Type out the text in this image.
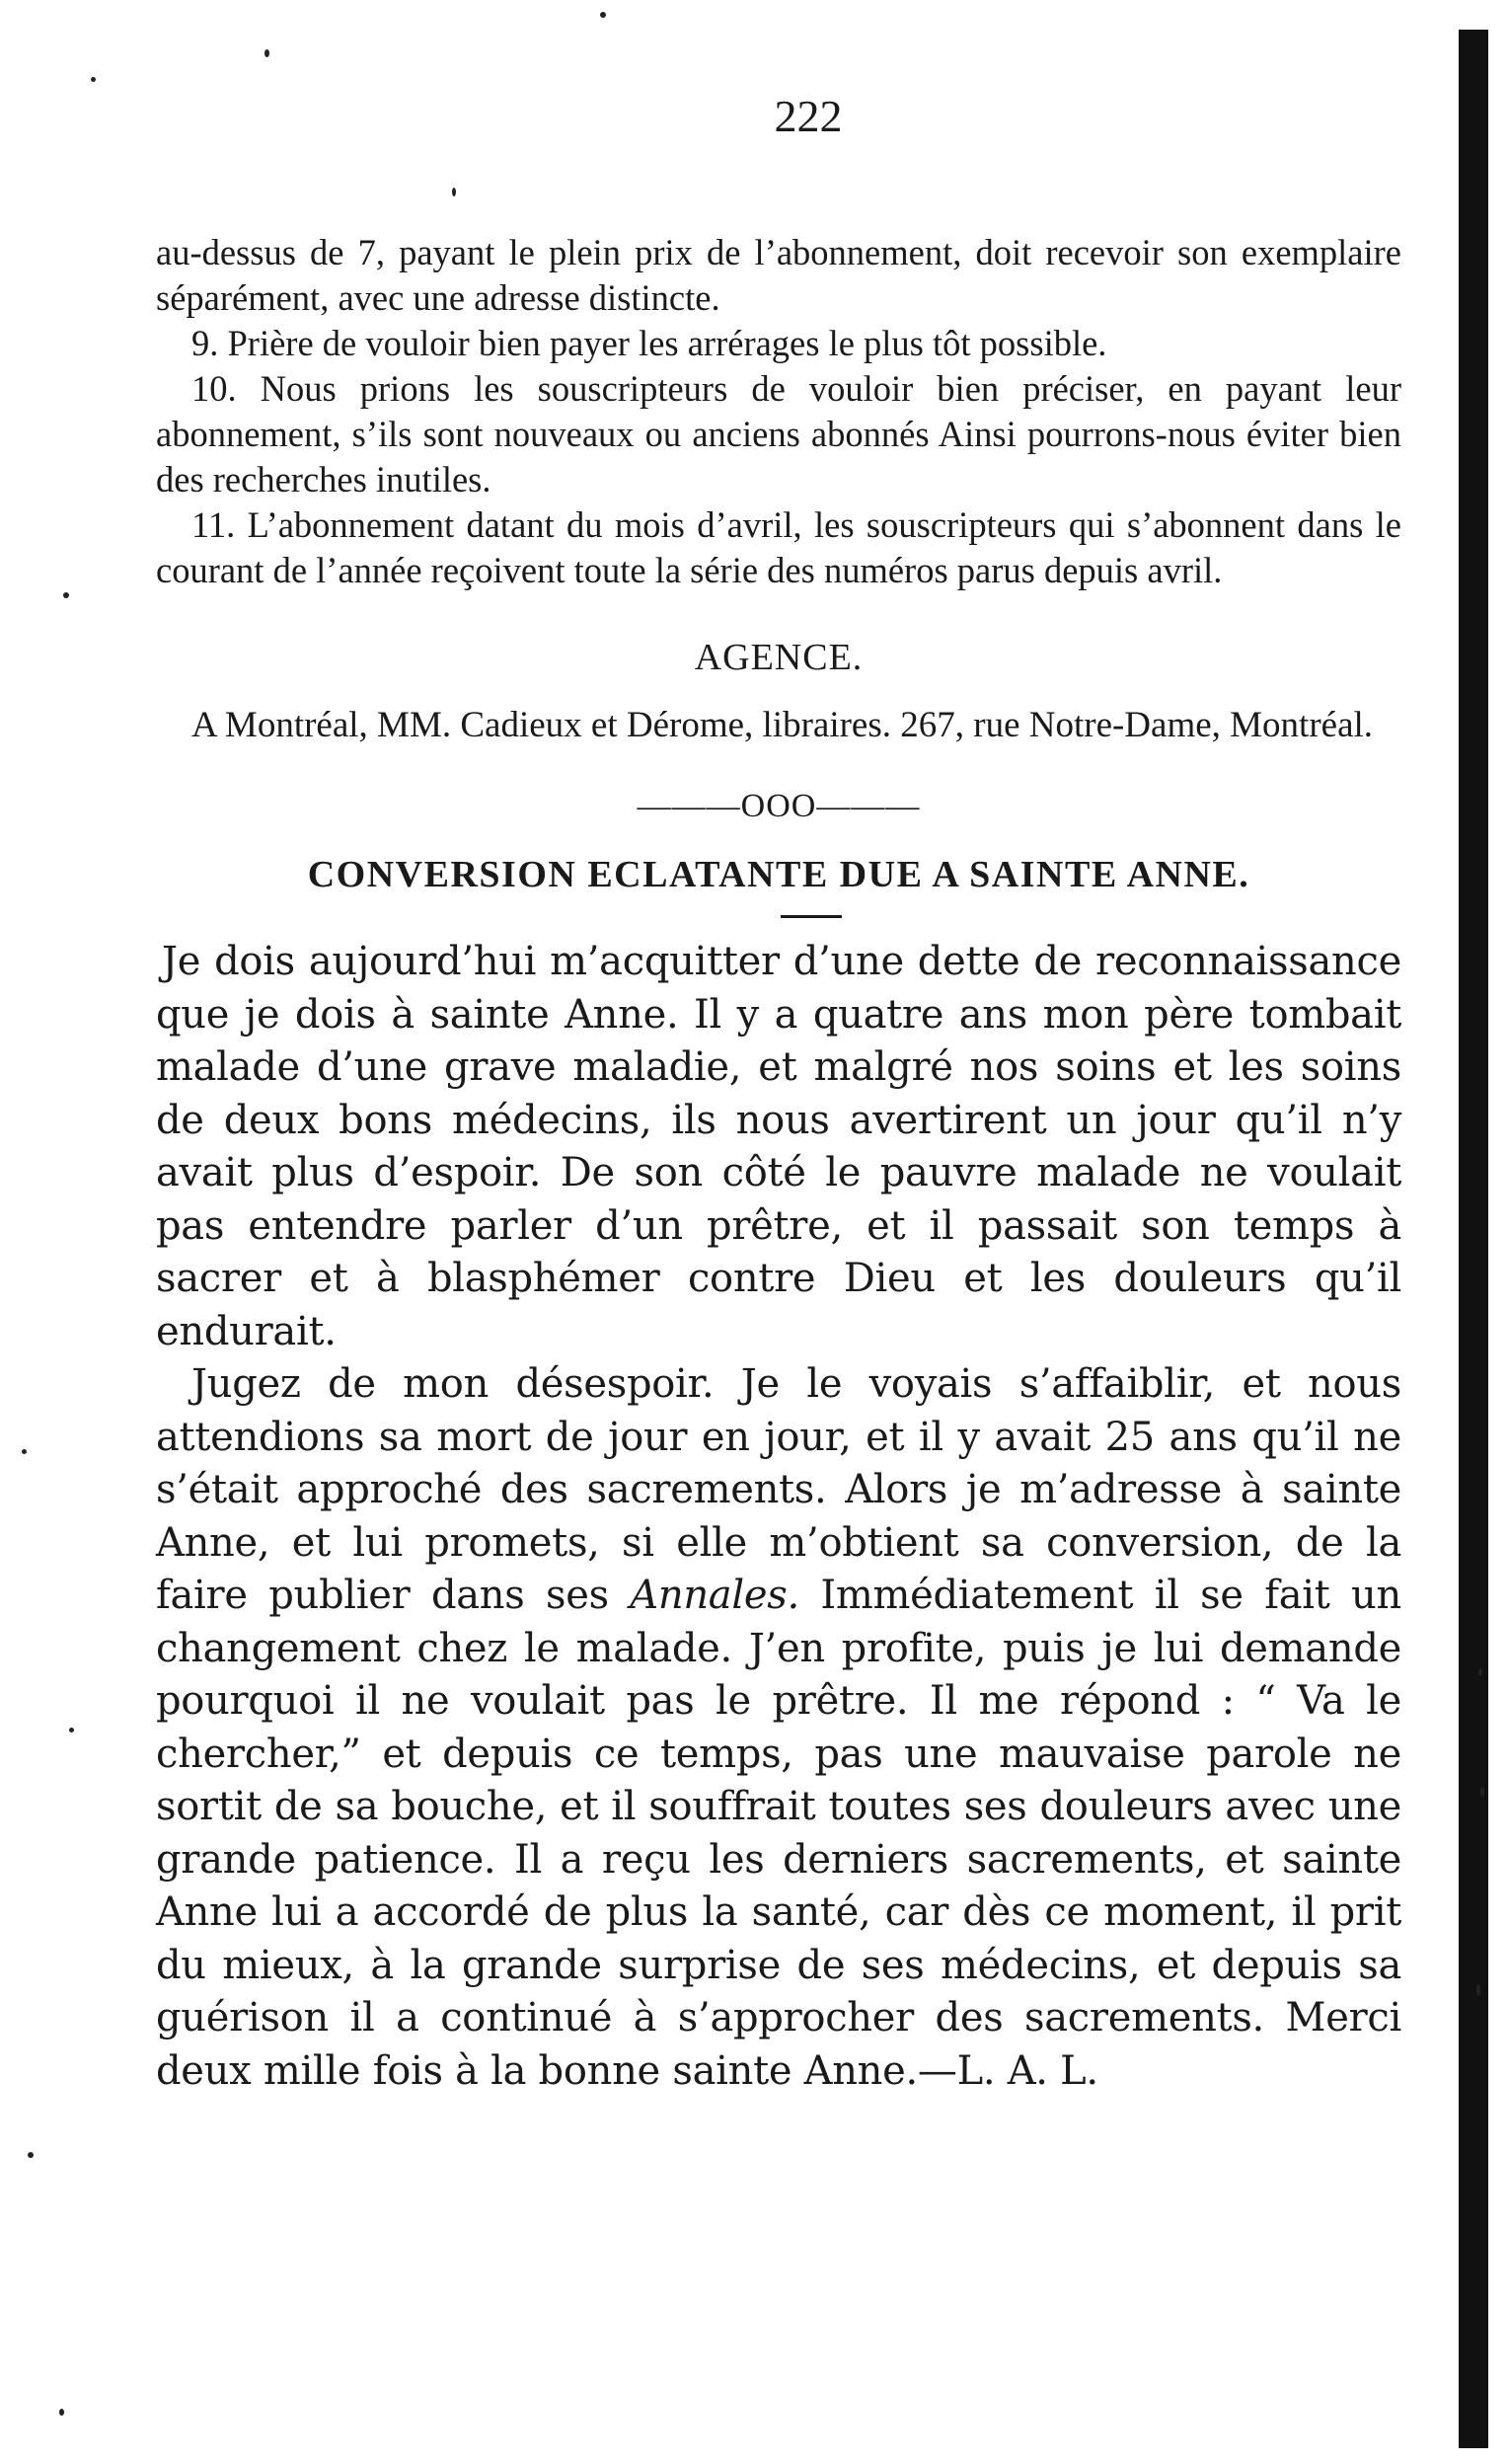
222

au-dessus de 7, payant le plein prix de l’abonnement, doit recevoir son exemplaire séparément, avec une adresse distincte.

9. Prière de vouloir bien payer les arrérages le plus tôt possible.

10. Nous prions les souscripteurs de vouloir bien préciser, en payant leur abonnement, s’ils sont nouveaux ou anciens abonnés Ainsi pourrons-nous éviter bien des recherches inutiles.

11. L’abonnement datant du mois d’avril, les souscripteurs qui s’abonnent dans le courant de l’année reçoivent toute la série des numéros parus depuis avril.

AGENCE.

A Montréal, MM. Cadieux et Dérome, libraires. 267, rue Notre-Dame, Montréal.

———OOO———
CONVERSION ECLATANTE DUE A SAINTE ANNE.

Je dois aujourd’hui m’acquitter d’une dette de reconnaissance que je dois à sainte Anne. Il y a quatre ans mon père tombait malade d’une grave maladie, et malgré nos soins et les soins de deux bons médecins, ils nous avertirent un jour qu’il n’y avait plus d’espoir. De son côté le pauvre malade ne voulait pas entendre parler d’un prêtre, et il passait son temps à sacrer et à blasphémer contre Dieu et les douleurs qu’il endurait.

Jugez de mon désespoir. Je le voyais s’affaiblir, et nous attendions sa mort de jour en jour, et il y avait 25 ans qu’il ne s’était approché des sacrements. Alors je m’adresse à sainte Anne, et lui promets, si elle m’obtient sa conversion, de la faire publier dans ses Annales. Immédiatement il se fait un changement chez le malade. J’en profite, puis je lui demande pourquoi il ne voulait pas le prêtre. Il me répond : “ Va le chercher,” et depuis ce temps, pas une mauvaise parole ne sortit de sa bouche, et il souffrait toutes ses douleurs avec une grande patience. Il a reçu les derniers sacrements, et sainte Anne lui a accordé de plus la santé, car dès ce moment, il prit du mieux, à la grande surprise de ses médecins, et depuis sa guérison il a continué à s’approcher des sacrements. Merci deux mille fois à la bonne sainte Anne.—L. A. L.
